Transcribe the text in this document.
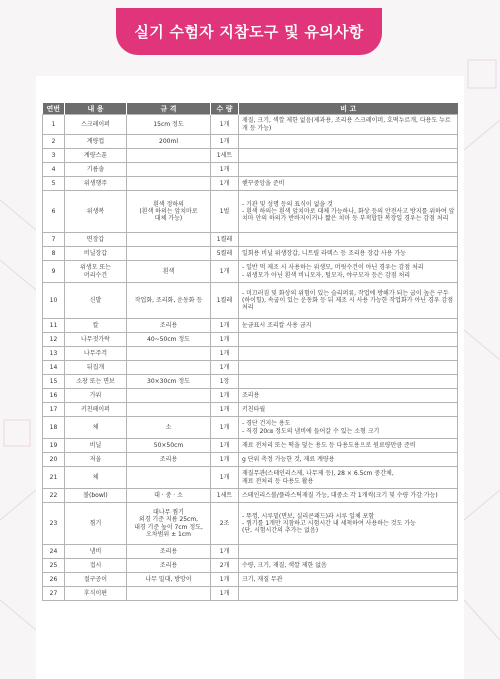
실기 수험자 지참도구 및 유의사항
연번	내 용	규 격	수 량	비 고

1	스크레이퍼	15cm 정도	1개	재질, 크기, 색깔 제한 없음(제과용, 조리용 스크레이퍼, 호떡누르개, 다용도 누르개 등 가능)

2	계량컵	200ml	1개	

3	계량스푼		1세트	

4	기름솔		1개	

5	위생행주		1개	핸꾸중앙을 준비

6	위생복	흰색 정하의
(흰색 하의는 앞치마로
대체 가능)	1벌	- 기관 및 성명 등의 표식이 없을 것
- 흰색 하의는 흰색 앞치마로 대체 가능하나, 화상 등의 안전사고 방지를 위하여 앞치마 안의 하의가 반바지이거나 짧은 치마 등 부적합한 복장일 경우는 감점 처리

7	면장갑		1켤레	

8	비닐장갑		5켤레	일회용 비닐 위생장갑, 니트릴 라텍스 등 조리용 장갑 사용 가능

9	위생모 또는
머리수건	흰색	1개	- 일반 먹 제조 시 사용하는 위생모, 머릿수건이 아닌 경우는 감점 처리
- 위생모가 아닌 흰색 비니모자, 털모자, 야구모자 등은 감점 처리

10	신발	작업화, 조리화, 운동화 등	1켤레	- 미끄러짐 및 화상의 위험이 있는 슬리퍼류, 작업에 방해가 되는 굽이 높은 구두(하이힐), 속굽이 있는 운동화 등 뒤 제조 시 사용 가능한 작업화가 아닌 경우 감점 처리

11	칼	조리용	1개	눈금표시 조리칼 사용 금지

12	나무젓가락	40~50cm 정도	1개	

13	나무주걱		1개	

14	뒤집개		1개	

15	소창 또는 면보	30×30cm 정도	1장	

16	가위		1개	조리용

17	키친페이퍼		1개	키친타월

18	체	소	1개	- 경단 건지는 용도
- 직경 20㎝ 정도의 냄비에 들어갈 수 있는 소형 크기

19	비닐	50×50cm	1개	재료 전처리 또는 떡을 덮는 용도 등 다용도용으로 원료량만큼 준비

20	저울	조리용	1개	g 단위 측정 가능한 것, 재료 계량용

21	체		1개	재질무관(스테인리스제, 나무제 등), 28 × 6.5cm 중간체,
재료 전처리 등 다용도 활용

22	볼(bowl)	대 · 중 · 소	1세트	스테인리스볼/플라스틱재질 가능, 대중소 각 1개씩(크기 및 수량 가감 가능)

23	찜기	대나무 찜기
외경 기준 지름 25cm,
내경 기준 높이 7cm 정도,
오차범위 ± 1cm	2조	- 뚜껑, 시루밑(면보, 실리콘패드)과 시루 일체 포함
- 찜기를 1개만 지참하고 시험시간 내 세척하여 사용하는 것도 가능
(단, 시험시간의 추가는 없음)

24	냄비	조리용	1개	

25	접시	조리용	2개	수량, 크기, 재질, 색깔 제한 없음

26	절구공이	나무 밀대, 방망이	1개	크기, 재질 무관

27	후식이편		1개	
